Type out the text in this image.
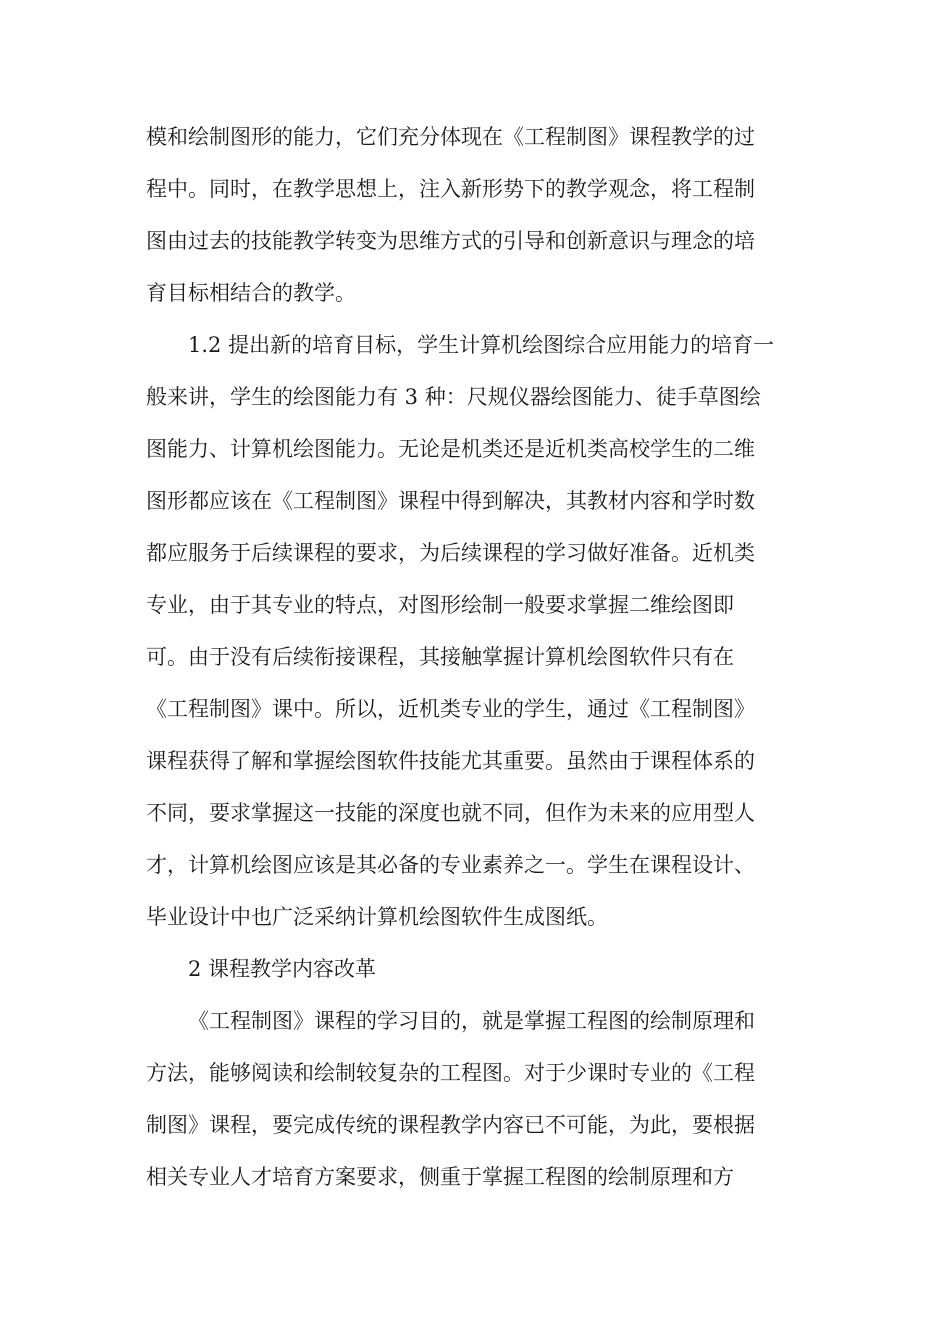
模和绘制图形的能力，它们充分体现在《工程制图》课程教学的过

程中。同时，在教学思想上，注入新形势下的教学观念，将工程制

图由过去的技能教学转变为思维方式的引导和创新意识与理念的培

育目标相结合的教学。

1.2 提出新的培育目标，学生计算机绘图综合应用能力的培育一

般来讲，学生的绘图能力有 3 种：尺规仪器绘图能力、徒手草图绘

图能力、计算机绘图能力。无论是机类还是近机类高校学生的二维

图形都应该在《工程制图》课程中得到解决，其教材内容和学时数

都应服务于后续课程的要求，为后续课程的学习做好准备。近机类

专业，由于其专业的特点，对图形绘制一般要求掌握二维绘图即

可。由于没有后续衔接课程，其接触掌握计算机绘图软件只有在

《工程制图》课中。所以，近机类专业的学生，通过《工程制图》

课程获得了解和掌握绘图软件技能尤其重要。虽然由于课程体系的

不同，要求掌握这一技能的深度也就不同，但作为未来的应用型人

才，计算机绘图应该是其必备的专业素养之一。学生在课程设计、

毕业设计中也广泛采纳计算机绘图软件生成图纸。

2 课程教学内容改革

《工程制图》课程的学习目的，就是掌握工程图的绘制原理和

方法，能够阅读和绘制较复杂的工程图。对于少课时专业的《工程

制图》课程，要完成传统的课程教学内容已不可能，为此，要根据

相关专业人才培育方案要求，侧重于掌握工程图的绘制原理和方
